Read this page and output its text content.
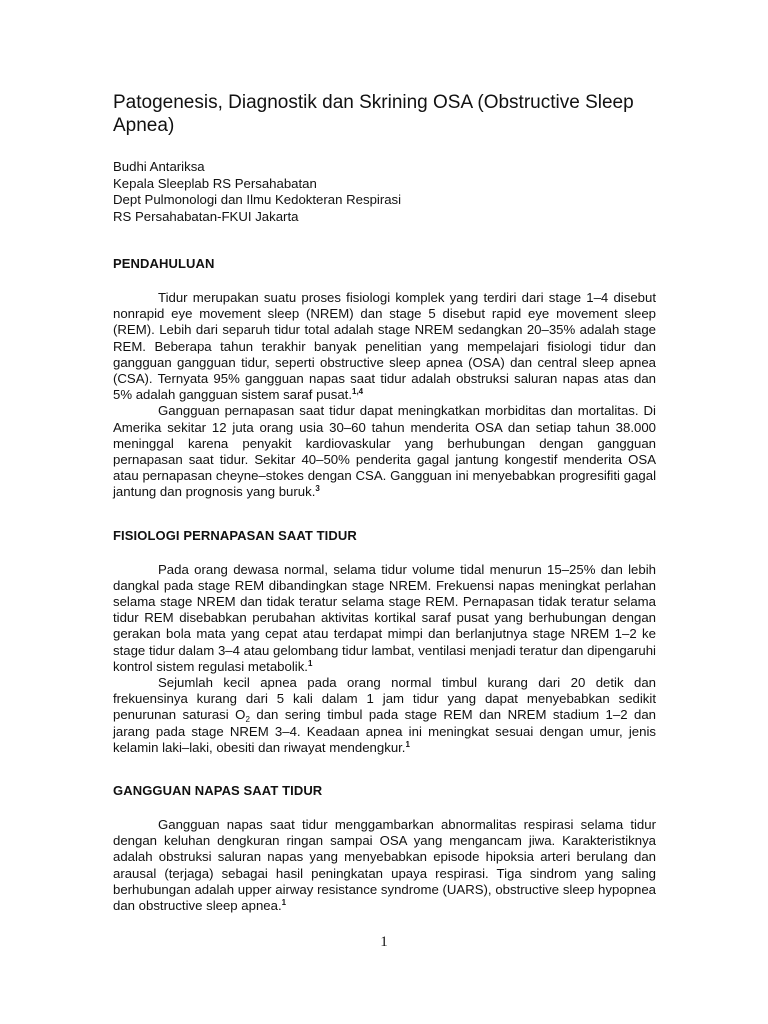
Patogenesis, Diagnostik dan Skrining OSA (Obstructive Sleep Apnea)
Budhi Antariksa
Kepala Sleeplab RS Persahabatan
Dept Pulmonologi dan Ilmu Kedokteran Respirasi
RS Persahabatan-FKUI Jakarta
PENDAHULUAN

Tidur merupakan suatu proses fisiologi komplek yang terdiri dari stage 1–4 disebut nonrapid eye movement sleep (NREM) dan stage 5 disebut rapid eye movement sleep (REM). Lebih dari separuh tidur total adalah stage NREM sedangkan 20–35% adalah stage REM. Beberapa tahun terakhir banyak penelitian yang mempelajari fisiologi tidur dan gangguan gangguan tidur, seperti obstructive sleep apnea (OSA) dan central sleep apnea (CSA). Ternyata 95% gangguan napas saat tidur adalah obstruksi saluran napas atas dan 5% adalah gangguan sistem saraf pusat.$^{1,4}$

Gangguan pernapasan saat tidur dapat meningkatkan morbiditas dan mortalitas. Di Amerika sekitar 12 juta orang usia 30–60 tahun menderita OSA dan setiap tahun 38.000 meninggal karena penyakit kardiovaskular yang berhubungan dengan gangguan pernapasan saat tidur. Sekitar 40–50% penderita gagal jantung kongestif menderita OSA atau pernapasan cheyne–stokes dengan CSA. Gangguan ini menyebabkan progresifiti gagal jantung dan prognosis yang buruk.$^3$

FISIOLOGI PERNAPASAN SAAT TIDUR

Pada orang dewasa normal, selama tidur volume tidal menurun 15–25% dan lebih dangkal pada stage REM dibandingkan stage NREM. Frekuensi napas meningkat perlahan selama stage NREM dan tidak teratur selama stage REM. Pernapasan tidak teratur selama tidur REM disebabkan perubahan aktivitas kortikal saraf pusat yang berhubungan dengan gerakan bola mata yang cepat atau terdapat mimpi dan berlanjutnya stage NREM 1–2 ke stage tidur dalam 3–4 atau gelombang tidur lambat, ventilasi menjadi teratur dan dipengaruhi kontrol sistem regulasi metabolik.$^1$

Sejumlah kecil apnea pada orang normal timbul kurang dari 20 detik dan frekuensinya kurang dari 5 kali dalam 1 jam tidur yang dapat menyebabkan sedikit penurunan saturasi $O_2$ dan sering timbul pada stage REM dan NREM stadium 1–2 dan jarang pada stage NREM 3–4. Keadaan apnea ini meningkat sesuai dengan umur, jenis kelamin laki–laki, obesiti dan riwayat mendengkur.$^1$

GANGGUAN NAPAS SAAT TIDUR

Gangguan napas saat tidur menggambarkan abnormalitas respirasi selama tidur dengan keluhan dengkuran ringan sampai OSA yang mengancam jiwa. Karakteristiknya adalah obstruksi saluran napas yang menyebabkan episode hipoksia arteri berulang dan arausal (terjaga) sebagai hasil peningkatan upaya respirasi. Tiga sindrom yang saling berhubungan adalah upper airway resistance syndrome (UARS), obstructive sleep hypopnea dan obstructive sleep apnea.$^1$

1
